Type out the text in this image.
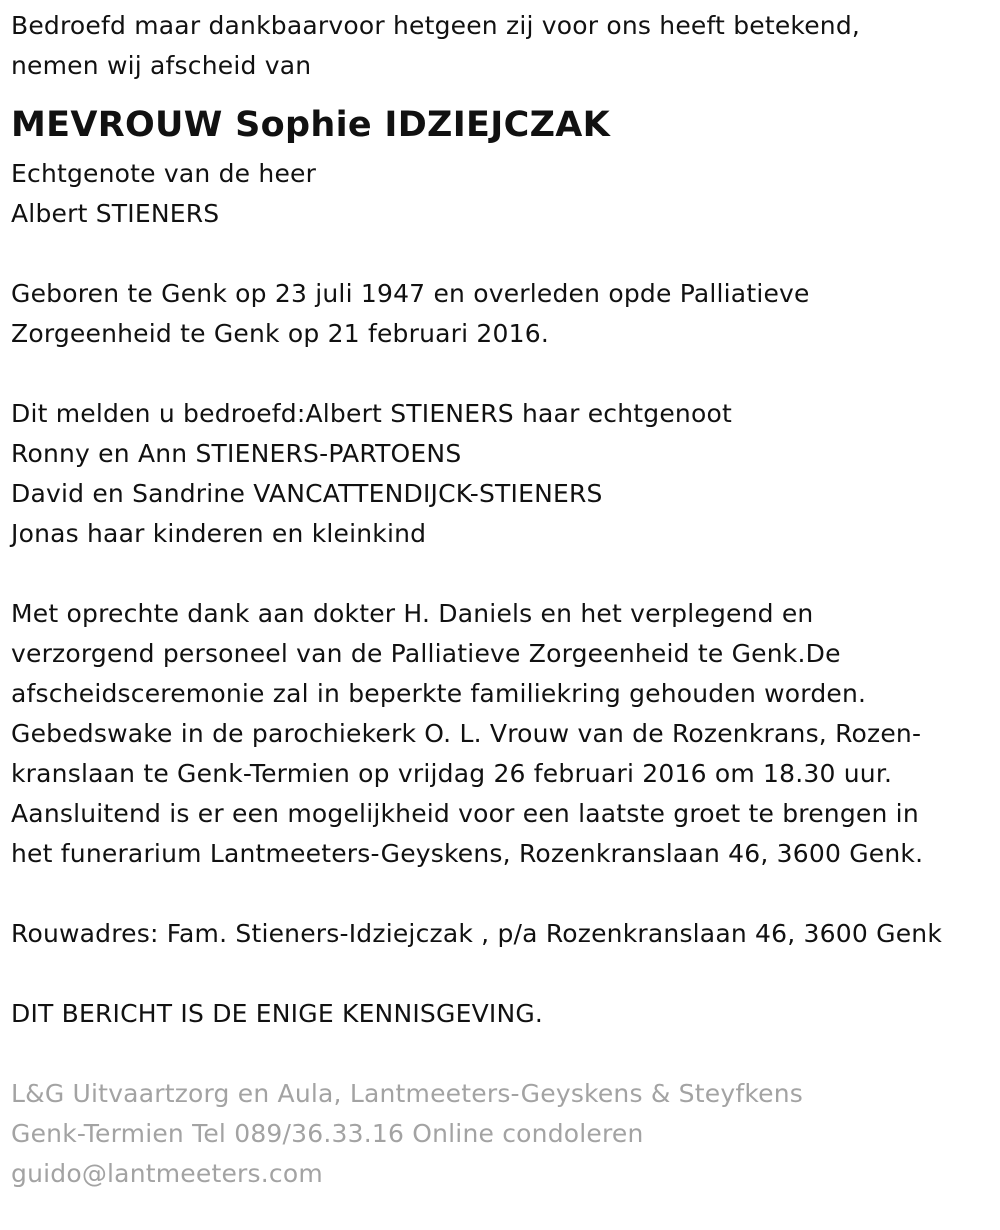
Bedroefd maar dankbaarvoor hetgeen zij voor ons heeft betekend,
nemen wij afscheid van
MEVROUW Sophie IDZIEJCZAK
Echtgenote van de heer
Albert STIENERS
Geboren te Genk op 23 juli 1947 en overleden opde Palliatieve
Zorgeenheid te Genk op 21 februari 2016.
Dit melden u bedroefd:Albert STIENERS haar echtgenoot
Ronny en Ann STIENERS-PARTOENS
David en Sandrine VANCATTENDIJCK-STIENERS
Jonas haar kinderen en kleinkind
Met oprechte dank aan dokter H. Daniels en het verplegend en
verzorgend personeel van de Palliatieve Zorgeenheid te Genk.De
afscheidsceremonie zal in beperkte familiekring gehouden worden.
Gebedswake in de parochiekerk O. L. Vrouw van de Rozenkrans, Rozen-
kranslaan te Genk-Termien op vrijdag 26 februari 2016 om 18.30 uur.
Aansluitend is er een mogelijkheid voor een laatste groet te brengen in
het funerarium Lantmeeters-Geyskens, Rozenkranslaan 46, 3600 Genk.
Rouwadres: Fam. Stieners-Idziejczak , p/a Rozenkranslaan 46, 3600 Genk
DIT BERICHT IS DE ENIGE KENNISGEVING.
L&G Uitvaartzorg en Aula, Lantmeeters-Geyskens & Steyfkens
Genk-Termien Tel 089/36.33.16 Online condoleren
guido@lantmeeters.com
